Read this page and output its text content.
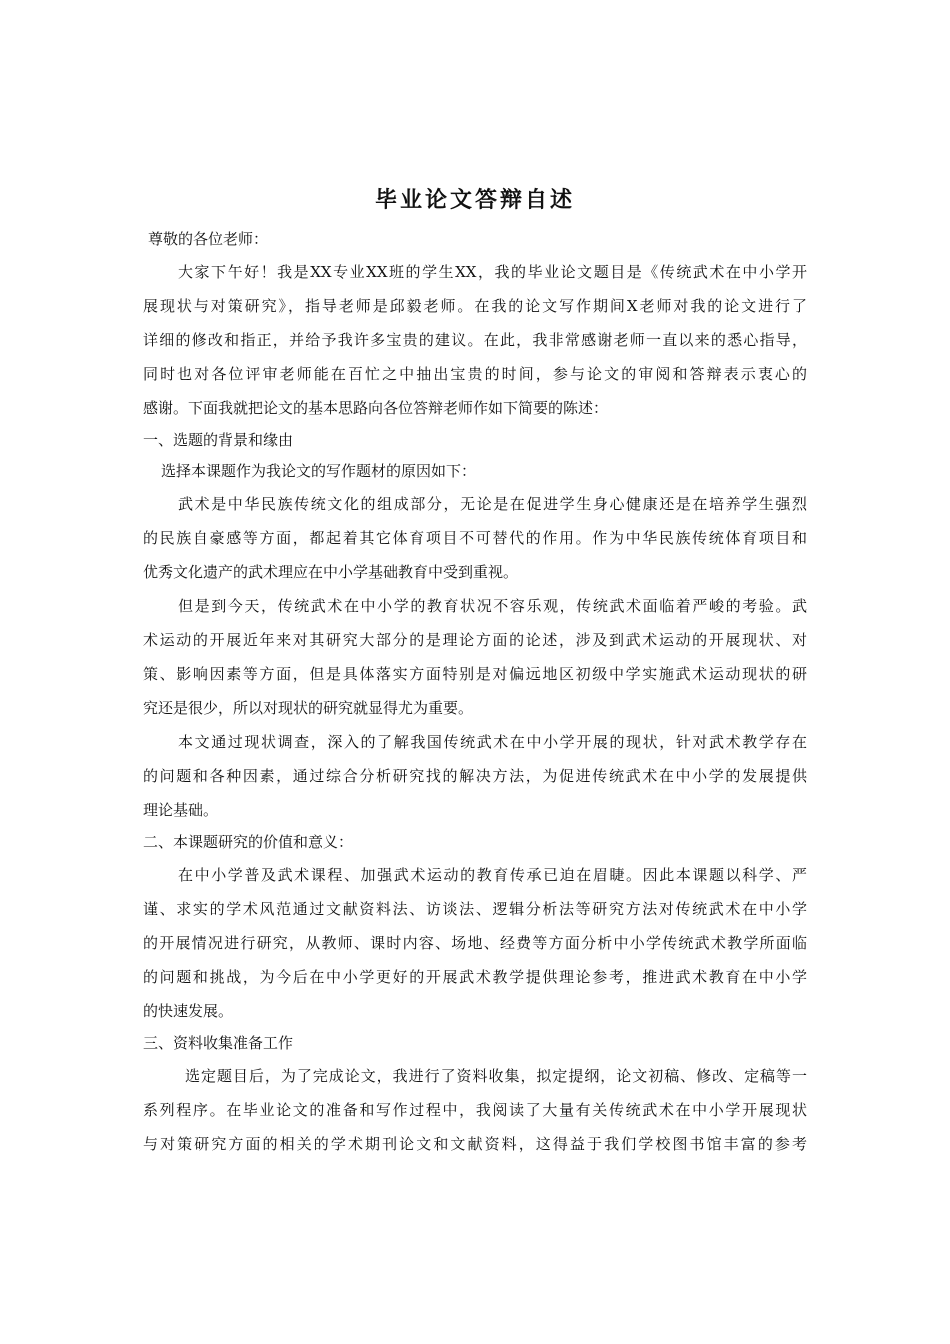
毕业论文答辩自述
尊敬的各位老师：
大家下午好！我是XX专业XX班的学生XX，我的毕业论文题目是《传统武术在中小学开
展现状与对策研究》，指导老师是邱毅老师。在我的论文写作期间X老师对我的论文进行了
详细的修改和指正，并给予我许多宝贵的建议。在此，我非常感谢老师一直以来的悉心指导，
同时也对各位评审老师能在百忙之中抽出宝贵的时间，参与论文的审阅和答辩表示衷心的
感谢。下面我就把论文的基本思路向各位答辩老师作如下简要的陈述：
一、选题的背景和缘由
选择本课题作为我论文的写作题材的原因如下：
武术是中华民族传统文化的组成部分，无论是在促进学生身心健康还是在培养学生强烈
的民族自豪感等方面，都起着其它体育项目不可替代的作用。作为中华民族传统体育项目和
优秀文化遗产的武术理应在中小学基础教育中受到重视。
但是到今天，传统武术在中小学的教育状况不容乐观，传统武术面临着严峻的考验。武
术运动的开展近年来对其研究大部分的是理论方面的论述，涉及到武术运动的开展现状、对
策、影响因素等方面，但是具体落实方面特别是对偏远地区初级中学实施武术运动现状的研
究还是很少，所以对现状的研究就显得尤为重要。
本文通过现状调查，深入的了解我国传统武术在中小学开展的现状，针对武术教学存在
的问题和各种因素，通过综合分析研究找的解决方法，为促进传统武术在中小学的发展提供
理论基础。
二、本课题研究的价值和意义：
在中小学普及武术课程、加强武术运动的教育传承已迫在眉睫。因此本课题以科学、严
谨、求实的学术风范通过文献资料法、访谈法、逻辑分析法等研究方法对传统武术在中小学
的开展情况进行研究，从教师、课时内容、场地、经费等方面分析中小学传统武术教学所面临
的问题和挑战，为今后在中小学更好的开展武术教学提供理论参考，推进武术教育在中小学
的快速发展。
三、资料收集准备工作
选定题目后，为了完成论文，我进行了资料收集，拟定提纲，论文初稿、修改、定稿等一
系列程序。在毕业论文的准备和写作过程中，我阅读了大量有关传统武术在中小学开展现状
与对策研究方面的相关的学术期刊论文和文献资料，这得益于我们学校图书馆丰富的参考
